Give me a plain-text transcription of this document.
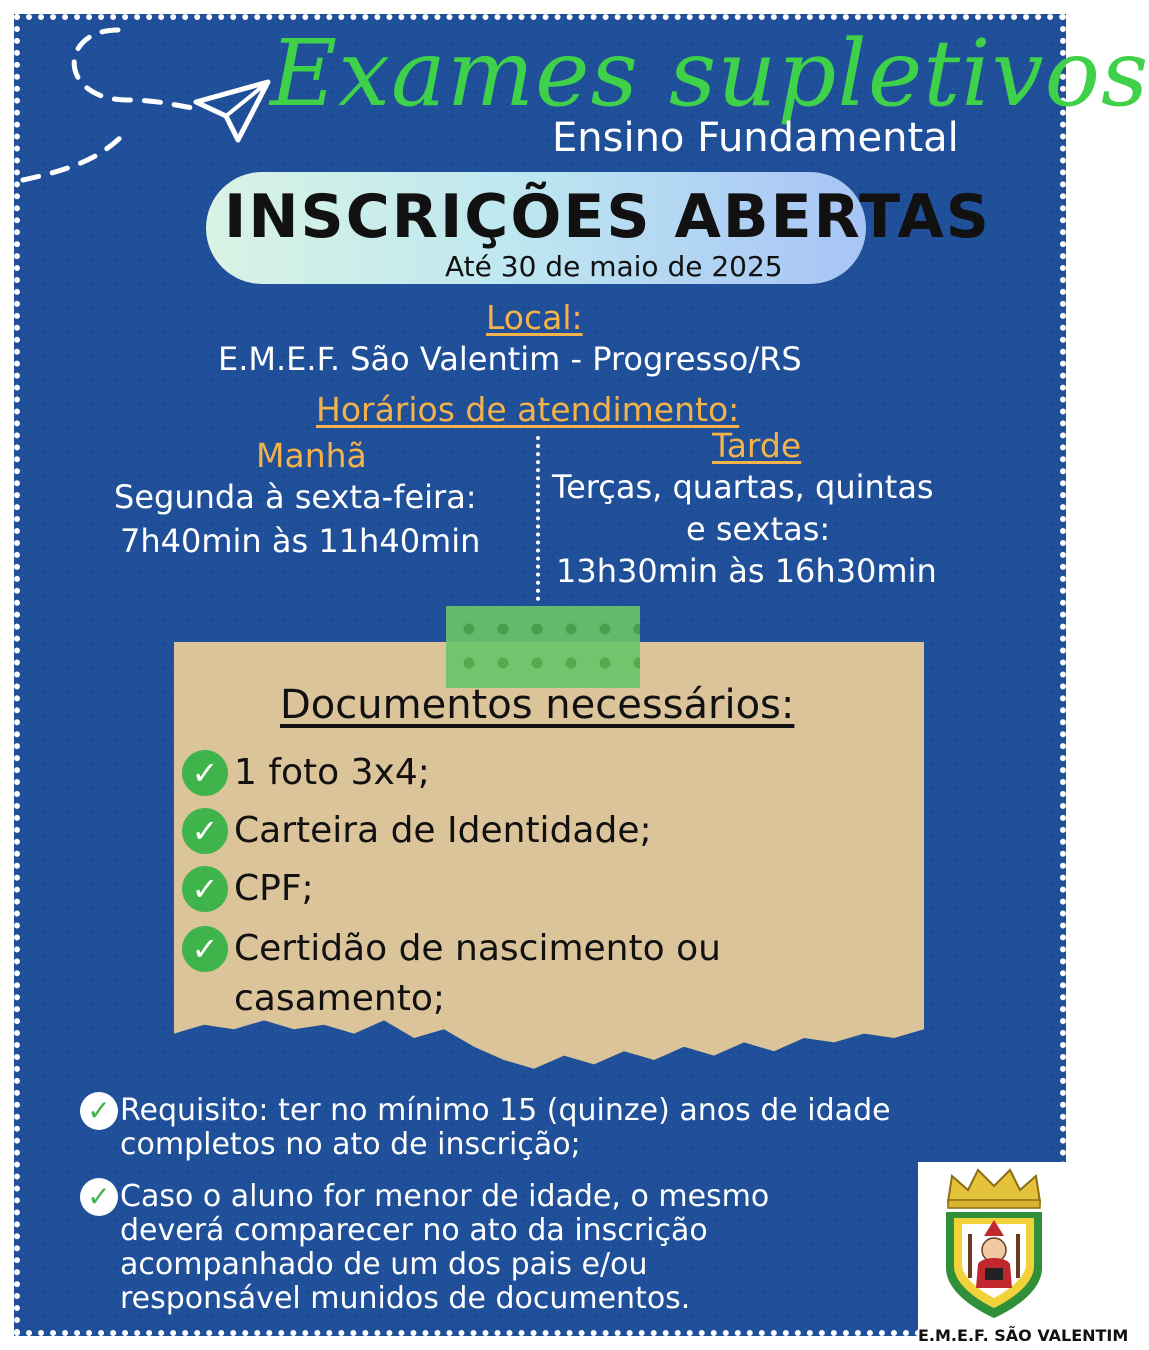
Exames supletivos
Ensino Fundamental
INSCRIÇÕES ABERTAS
Até 30 de maio de 2025
Local:
E.M.E.F. São Valentim - Progresso/RS
Horários de atendimento:
Manhã
Segunda à sexta-feira:
7h40min às 11h40min
Tarde
Terças, quartas, quintas
e sextas:
13h30min às 16h30min
Documentos necessários:
✓ 1 foto 3x4;
✓ Carteira de Identidade;
✓ CPF;
✓ Certidão de nascimento ou
casamento;
✓ Requisito: ter no mínimo 15 (quinze) anos de idade
completos no ato de inscrição;
✓ Caso o aluno for menor de idade, o mesmo
deverá comparecer no ato da inscrição
acompanhado de um dos pais e/ou
responsável munidos de documentos.
E.M.E.F. SÃO VALENTIM
